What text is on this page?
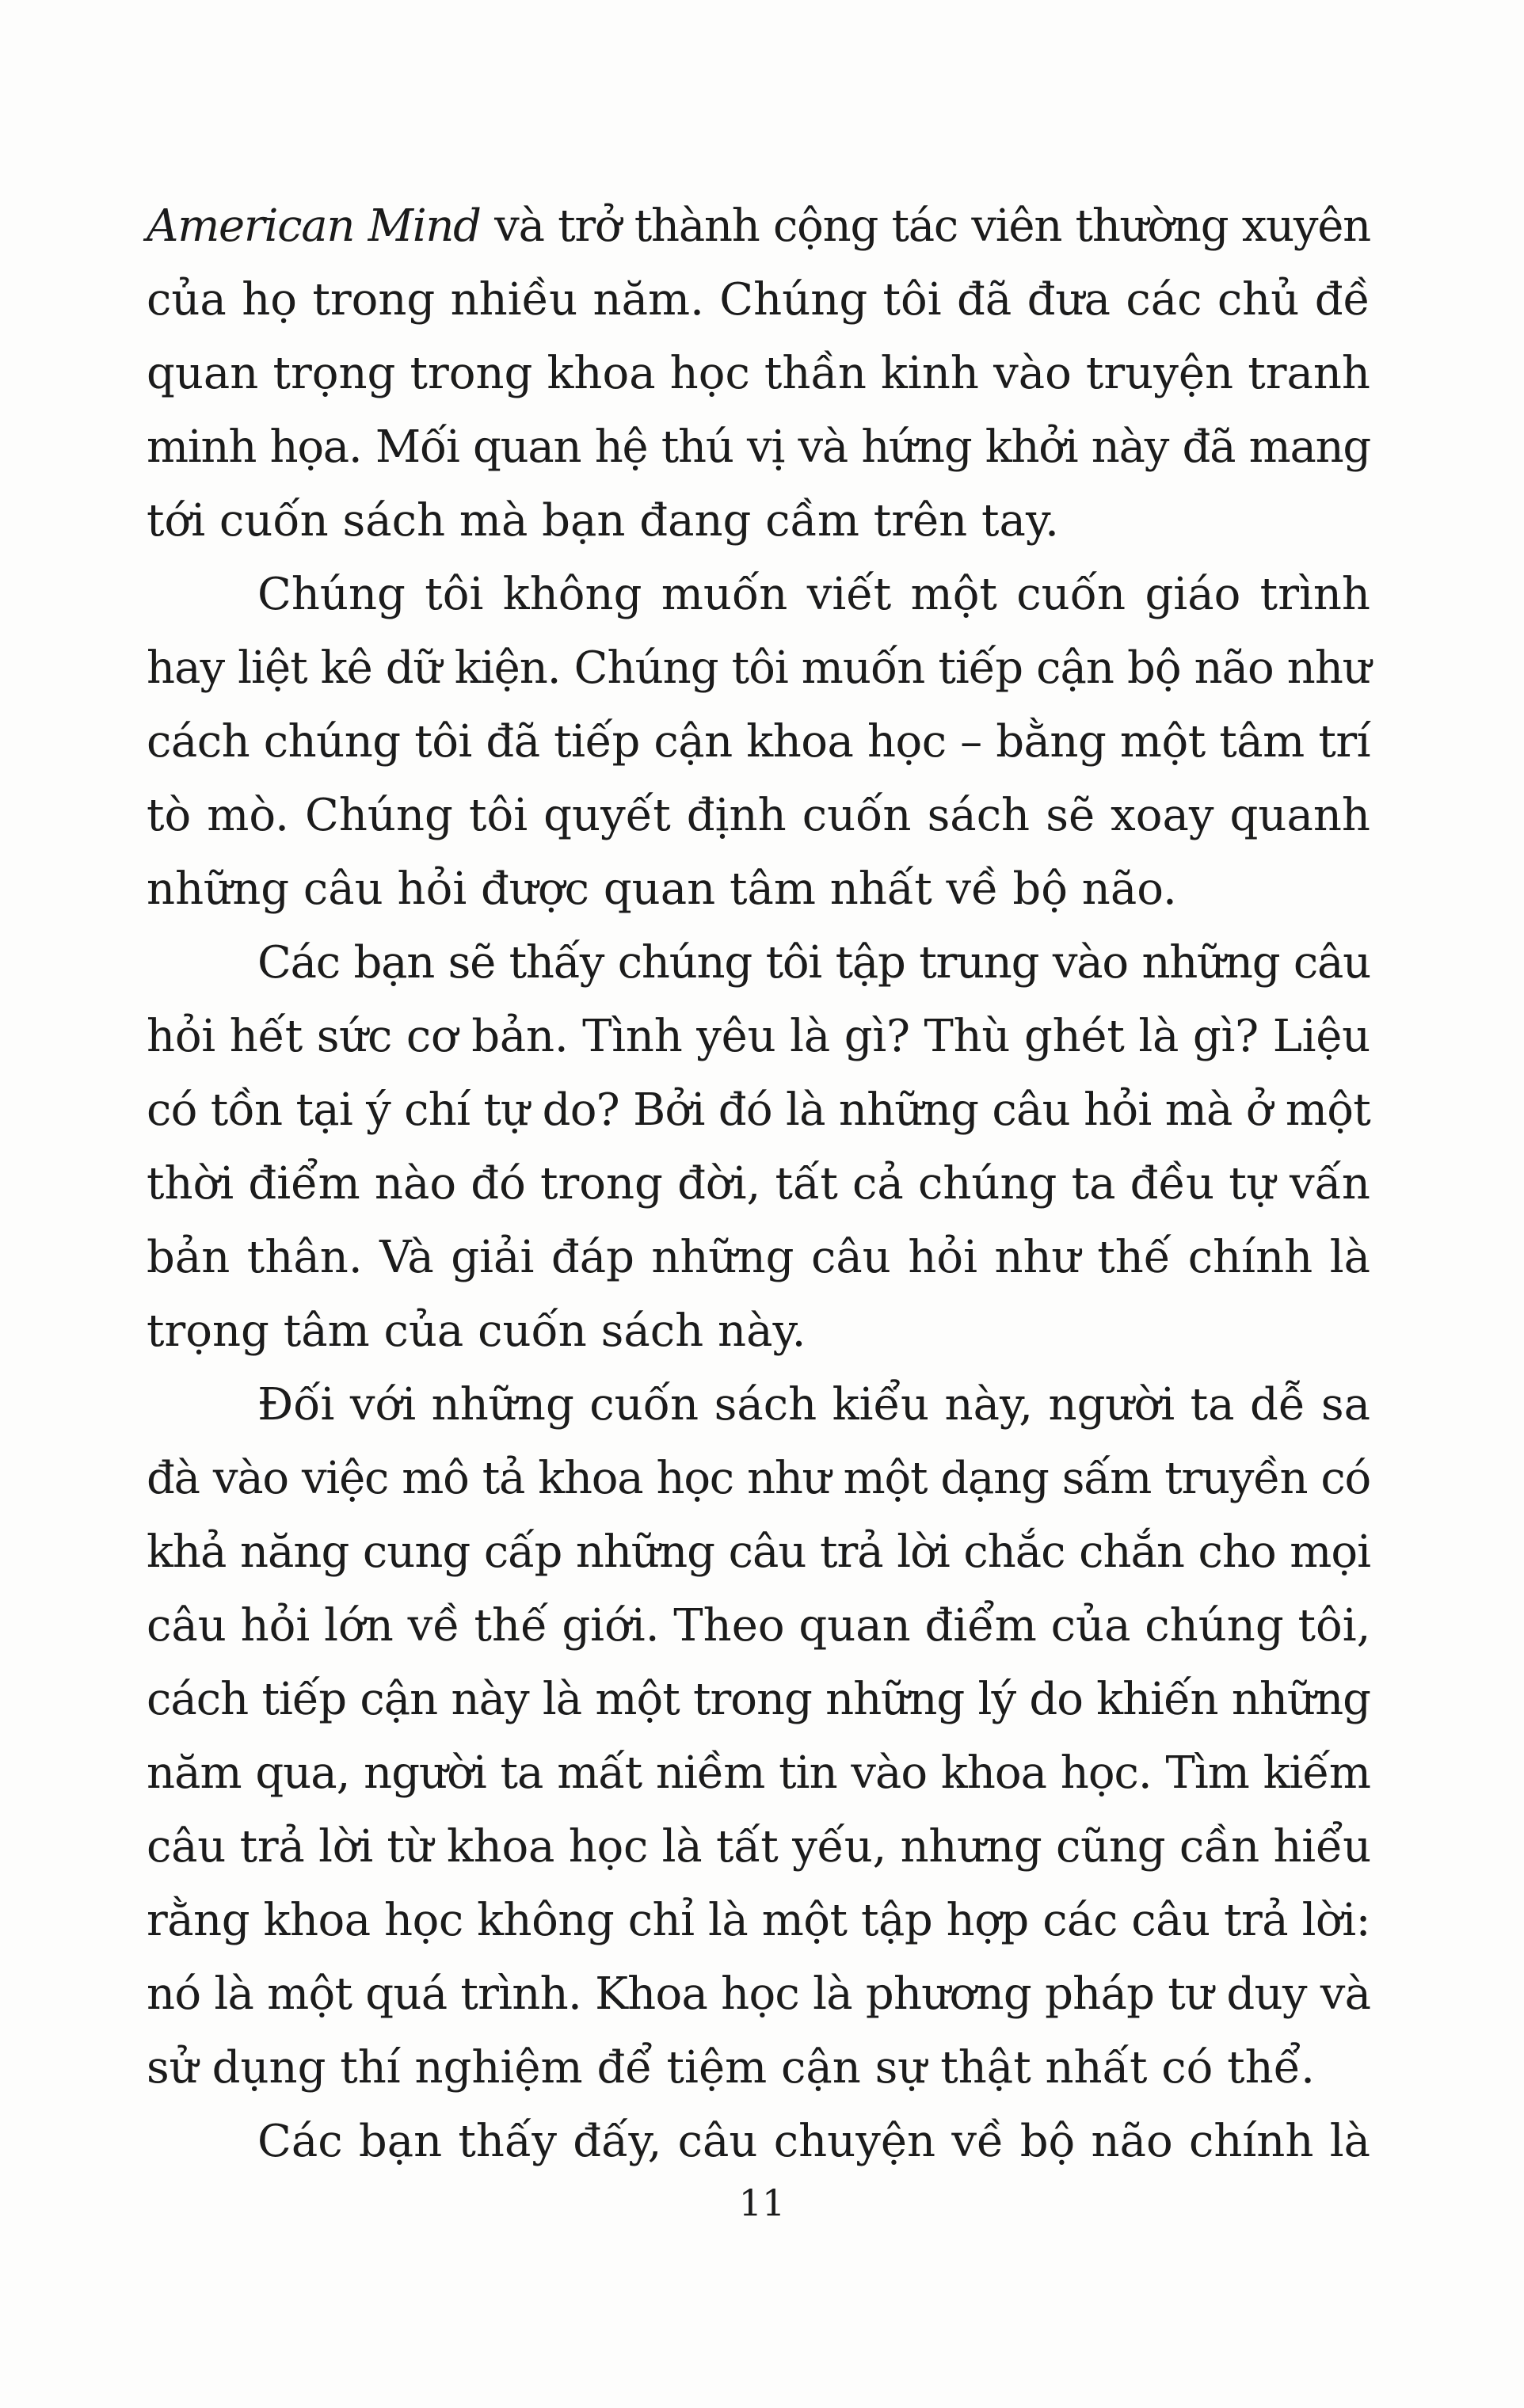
American Mind và trở thành cộng tác viên thường xuyên

của họ trong nhiều năm. Chúng tôi đã đưa các chủ đề

quan trọng trong khoa học thần kinh vào truyện tranh

minh họa. Mối quan hệ thú vị và hứng khởi này đã mang

tới cuốn sách mà bạn đang cầm trên tay.

Chúng tôi không muốn viết một cuốn giáo trình

hay liệt kê dữ kiện. Chúng tôi muốn tiếp cận bộ não như

cách chúng tôi đã tiếp cận khoa học – bằng một tâm trí

tò mò. Chúng tôi quyết định cuốn sách sẽ xoay quanh

những câu hỏi được quan tâm nhất về bộ não.

Các bạn sẽ thấy chúng tôi tập trung vào những câu

hỏi hết sức cơ bản. Tình yêu là gì? Thù ghét là gì? Liệu

có tồn tại ý chí tự do? Bởi đó là những câu hỏi mà ở một

thời điểm nào đó trong đời, tất cả chúng ta đều tự vấn

bản thân. Và giải đáp những câu hỏi như thế chính là

trọng tâm của cuốn sách này.

Đối với những cuốn sách kiểu này, người ta dễ sa

đà vào việc mô tả khoa học như một dạng sấm truyền có

khả năng cung cấp những câu trả lời chắc chắn cho mọi

câu hỏi lớn về thế giới. Theo quan điểm của chúng tôi,

cách tiếp cận này là một trong những lý do khiến những

năm qua, người ta mất niềm tin vào khoa học. Tìm kiếm

câu trả lời từ khoa học là tất yếu, nhưng cũng cần hiểu

rằng khoa học không chỉ là một tập hợp các câu trả lời:

nó là một quá trình. Khoa học là phương pháp tư duy và

sử dụng thí nghiệm để tiệm cận sự thật nhất có thể.

Các bạn thấy đấy, câu chuyện về bộ não chính là

11
